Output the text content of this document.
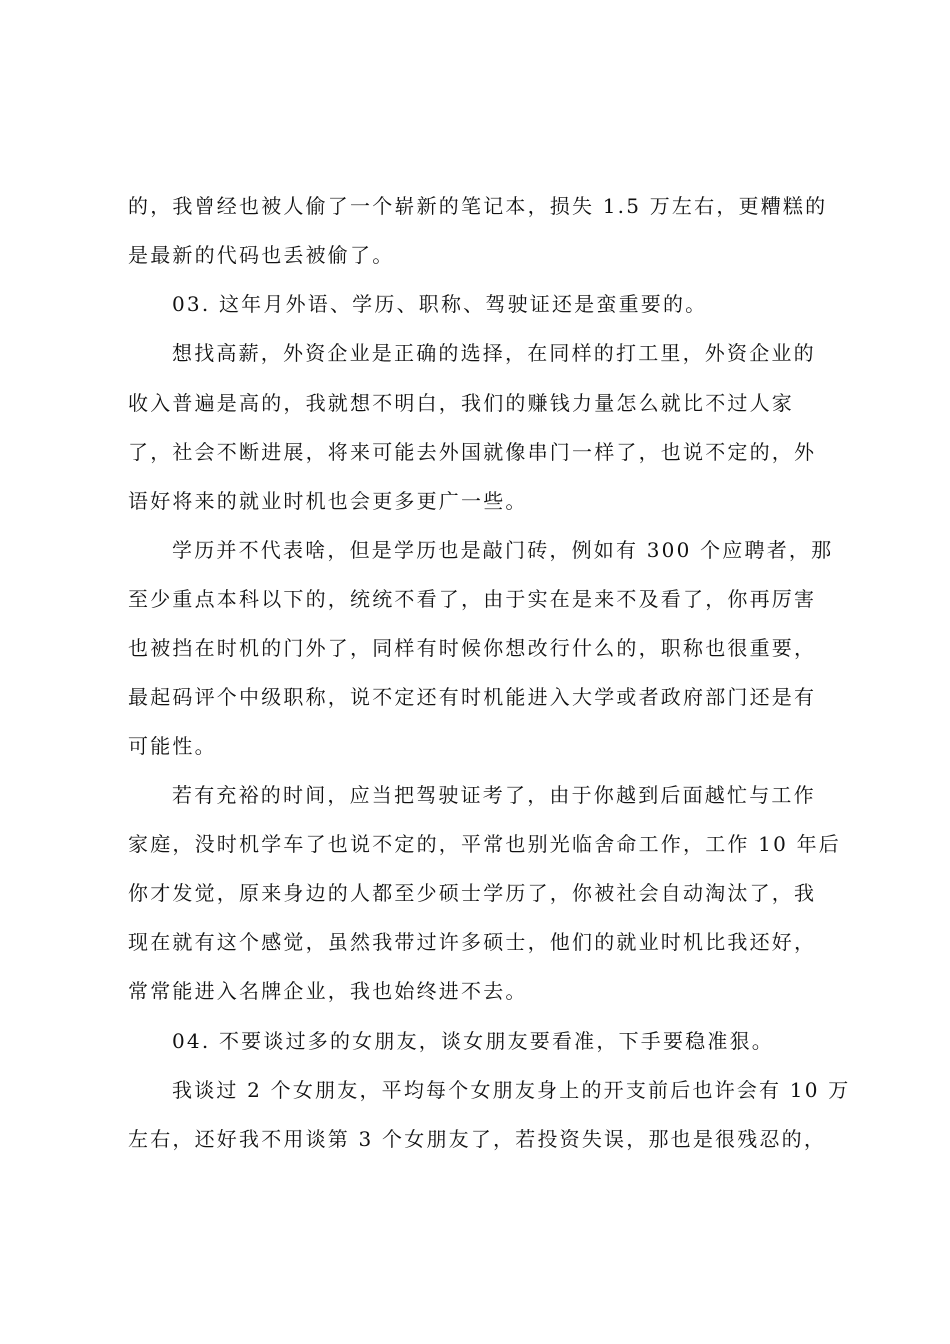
的，我曾经也被人偷了一个崭新的笔记本，损失 1.5 万左右，更糟糕的
是最新的代码也丢被偷了。
03. 这年月外语、学历、职称、驾驶证还是蛮重要的。
想找高薪，外资企业是正确的选择，在同样的打工里，外资企业的
收入普遍是高的，我就想不明白，我们的赚钱力量怎么就比不过人家
了，社会不断进展，将来可能去外国就像串门一样了，也说不定的，外
语好将来的就业时机也会更多更广一些。
学历并不代表啥，但是学历也是敲门砖，例如有 300 个应聘者，那
至少重点本科以下的，统统不看了，由于实在是来不及看了，你再厉害
也被挡在时机的门外了，同样有时候你想改行什么的，职称也很重要，
最起码评个中级职称，说不定还有时机能进入大学或者政府部门还是有
可能性。
若有充裕的时间，应当把驾驶证考了，由于你越到后面越忙与工作
家庭，没时机学车了也说不定的，平常也别光临舍命工作，工作 10 年后
你才发觉，原来身边的人都至少硕士学历了，你被社会自动淘汰了，我
现在就有这个感觉，虽然我带过许多硕士，他们的就业时机比我还好，
常常能进入名牌企业，我也始终进不去。
04. 不要谈过多的女朋友，谈女朋友要看准，下手要稳准狠。
我谈过 2 个女朋友，平均每个女朋友身上的开支前后也许会有 10 万
左右，还好我不用谈第 3 个女朋友了，若投资失误，那也是很残忍的，
